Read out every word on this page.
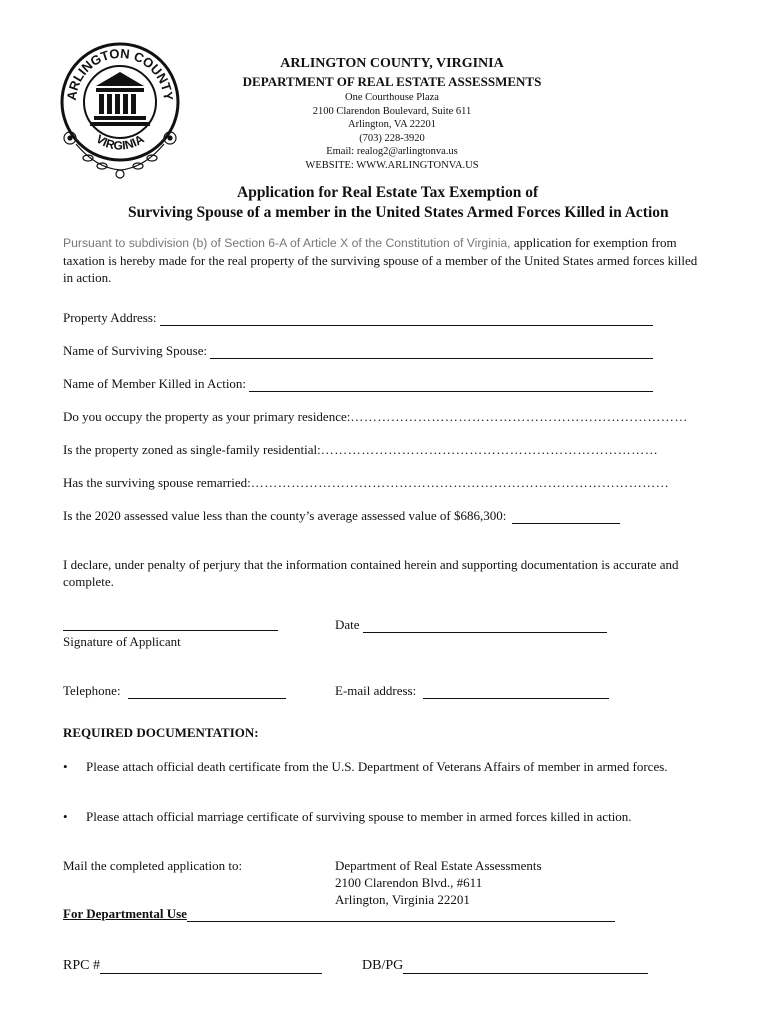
ARLINGTON COUNTY
VIRGINIA
ARLINGTON COUNTY, VIRGINIA
DEPARTMENT OF REAL ESTATE ASSESSMENTS
One Courthouse Plaza
2100 Clarendon Boulevard, Suite 611
Arlington, VA 22201
(703) 228-3920
Email: realog2@arlingtonva.us
WEBSITE: WWW.ARLINGTONVA.US
Application for Real Estate Tax Exemption of
Surviving Spouse of a member in the United States Armed Forces Killed in Action
Pursuant to subdivision (b) of Section 6-A of Article X of the Constitution of Virginia, application for exemption from taxation is hereby made for the real property of the surviving spouse of a member of the United States armed forces killed in action.
Property Address:
Name of Surviving Spouse:
Name of Member Killed in Action:
Do you occupy the property as your primary residence: …………………………………………………………………
Is the property zoned as single-family residential: …………………………………………………………………
Has the surviving spouse remarried: …………………………………………………………………………………
Is the 2020 assessed value less than the county’s average assessed value of $686,300:
I declare, under penalty of perjury that the information contained herein and supporting documentation is accurate and complete.
Signature of Applicant
Date
Telephone:	E-mail address:
REQUIRED DOCUMENTATION:
•	Please attach official death certificate from the U.S. Department of Veterans Affairs of member in armed forces.
•	Please attach official marriage certificate of surviving spouse to member in armed forces killed in action.
Mail the completed application to:	Department of Real Estate Assessments
2100 Clarendon Blvd., #611
Arlington, Virginia 22201
For Departmental Use
RPC #	DB/PG
